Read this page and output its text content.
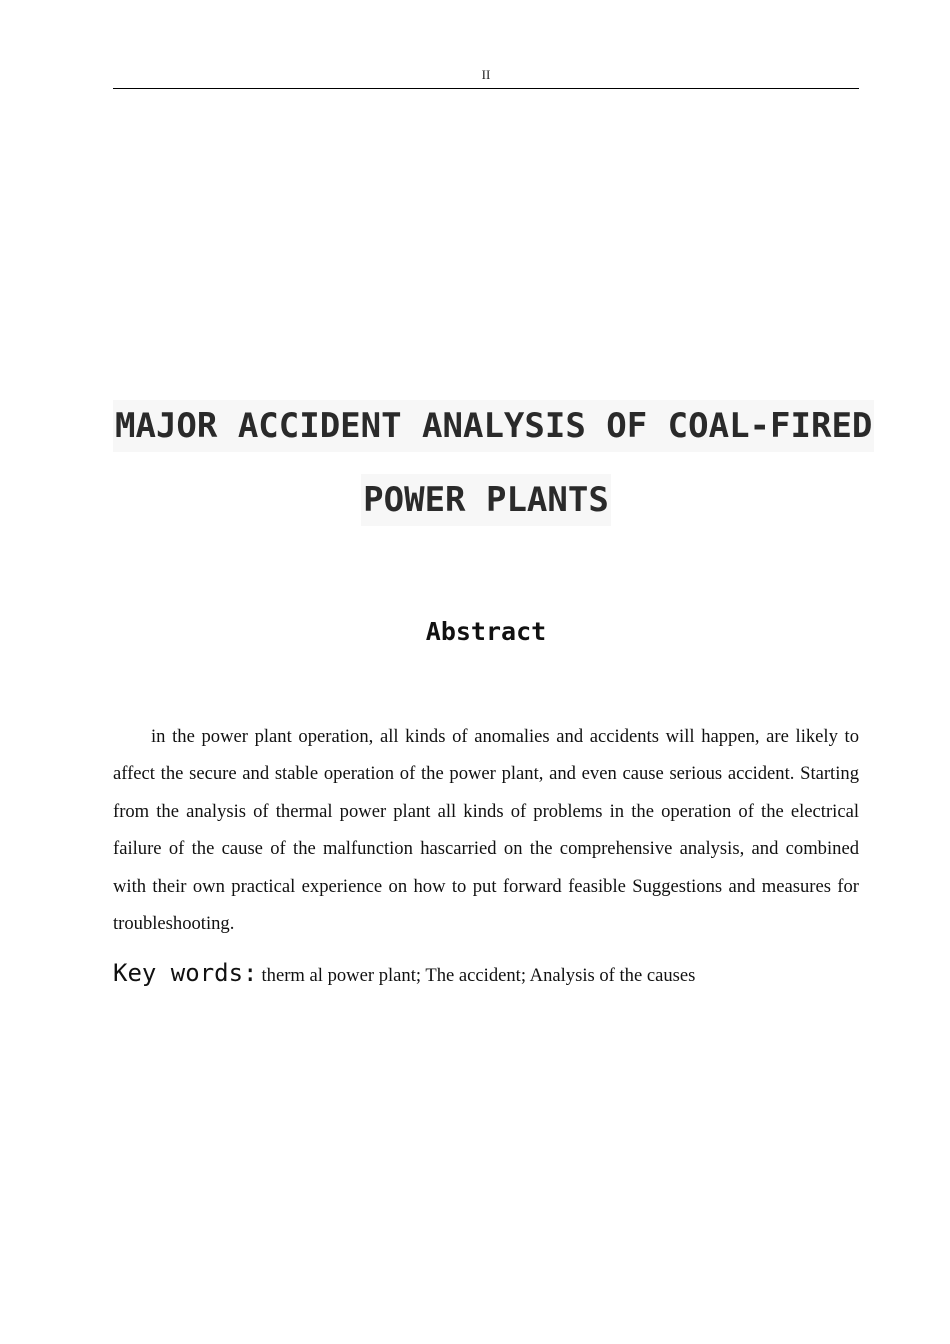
II
MAJOR ACCIDENT ANALYSIS OF COAL-FIRED
POWER PLANTS
Abstract

in the power plant operation, all kinds of anomalies and accidents will happen, are likely to affect the secure and stable operation of the power plant, and even cause serious accident. Starting from the analysis of thermal power plant all kinds of problems in the operation of the electrical failure of the cause of the malfunction hascarried on the comprehensive analysis, and combined with their own practical experience on how to put forward feasible Suggestions and measures for troubleshooting.

Key words: therm al power plant; The accident; Analysis of the causes
